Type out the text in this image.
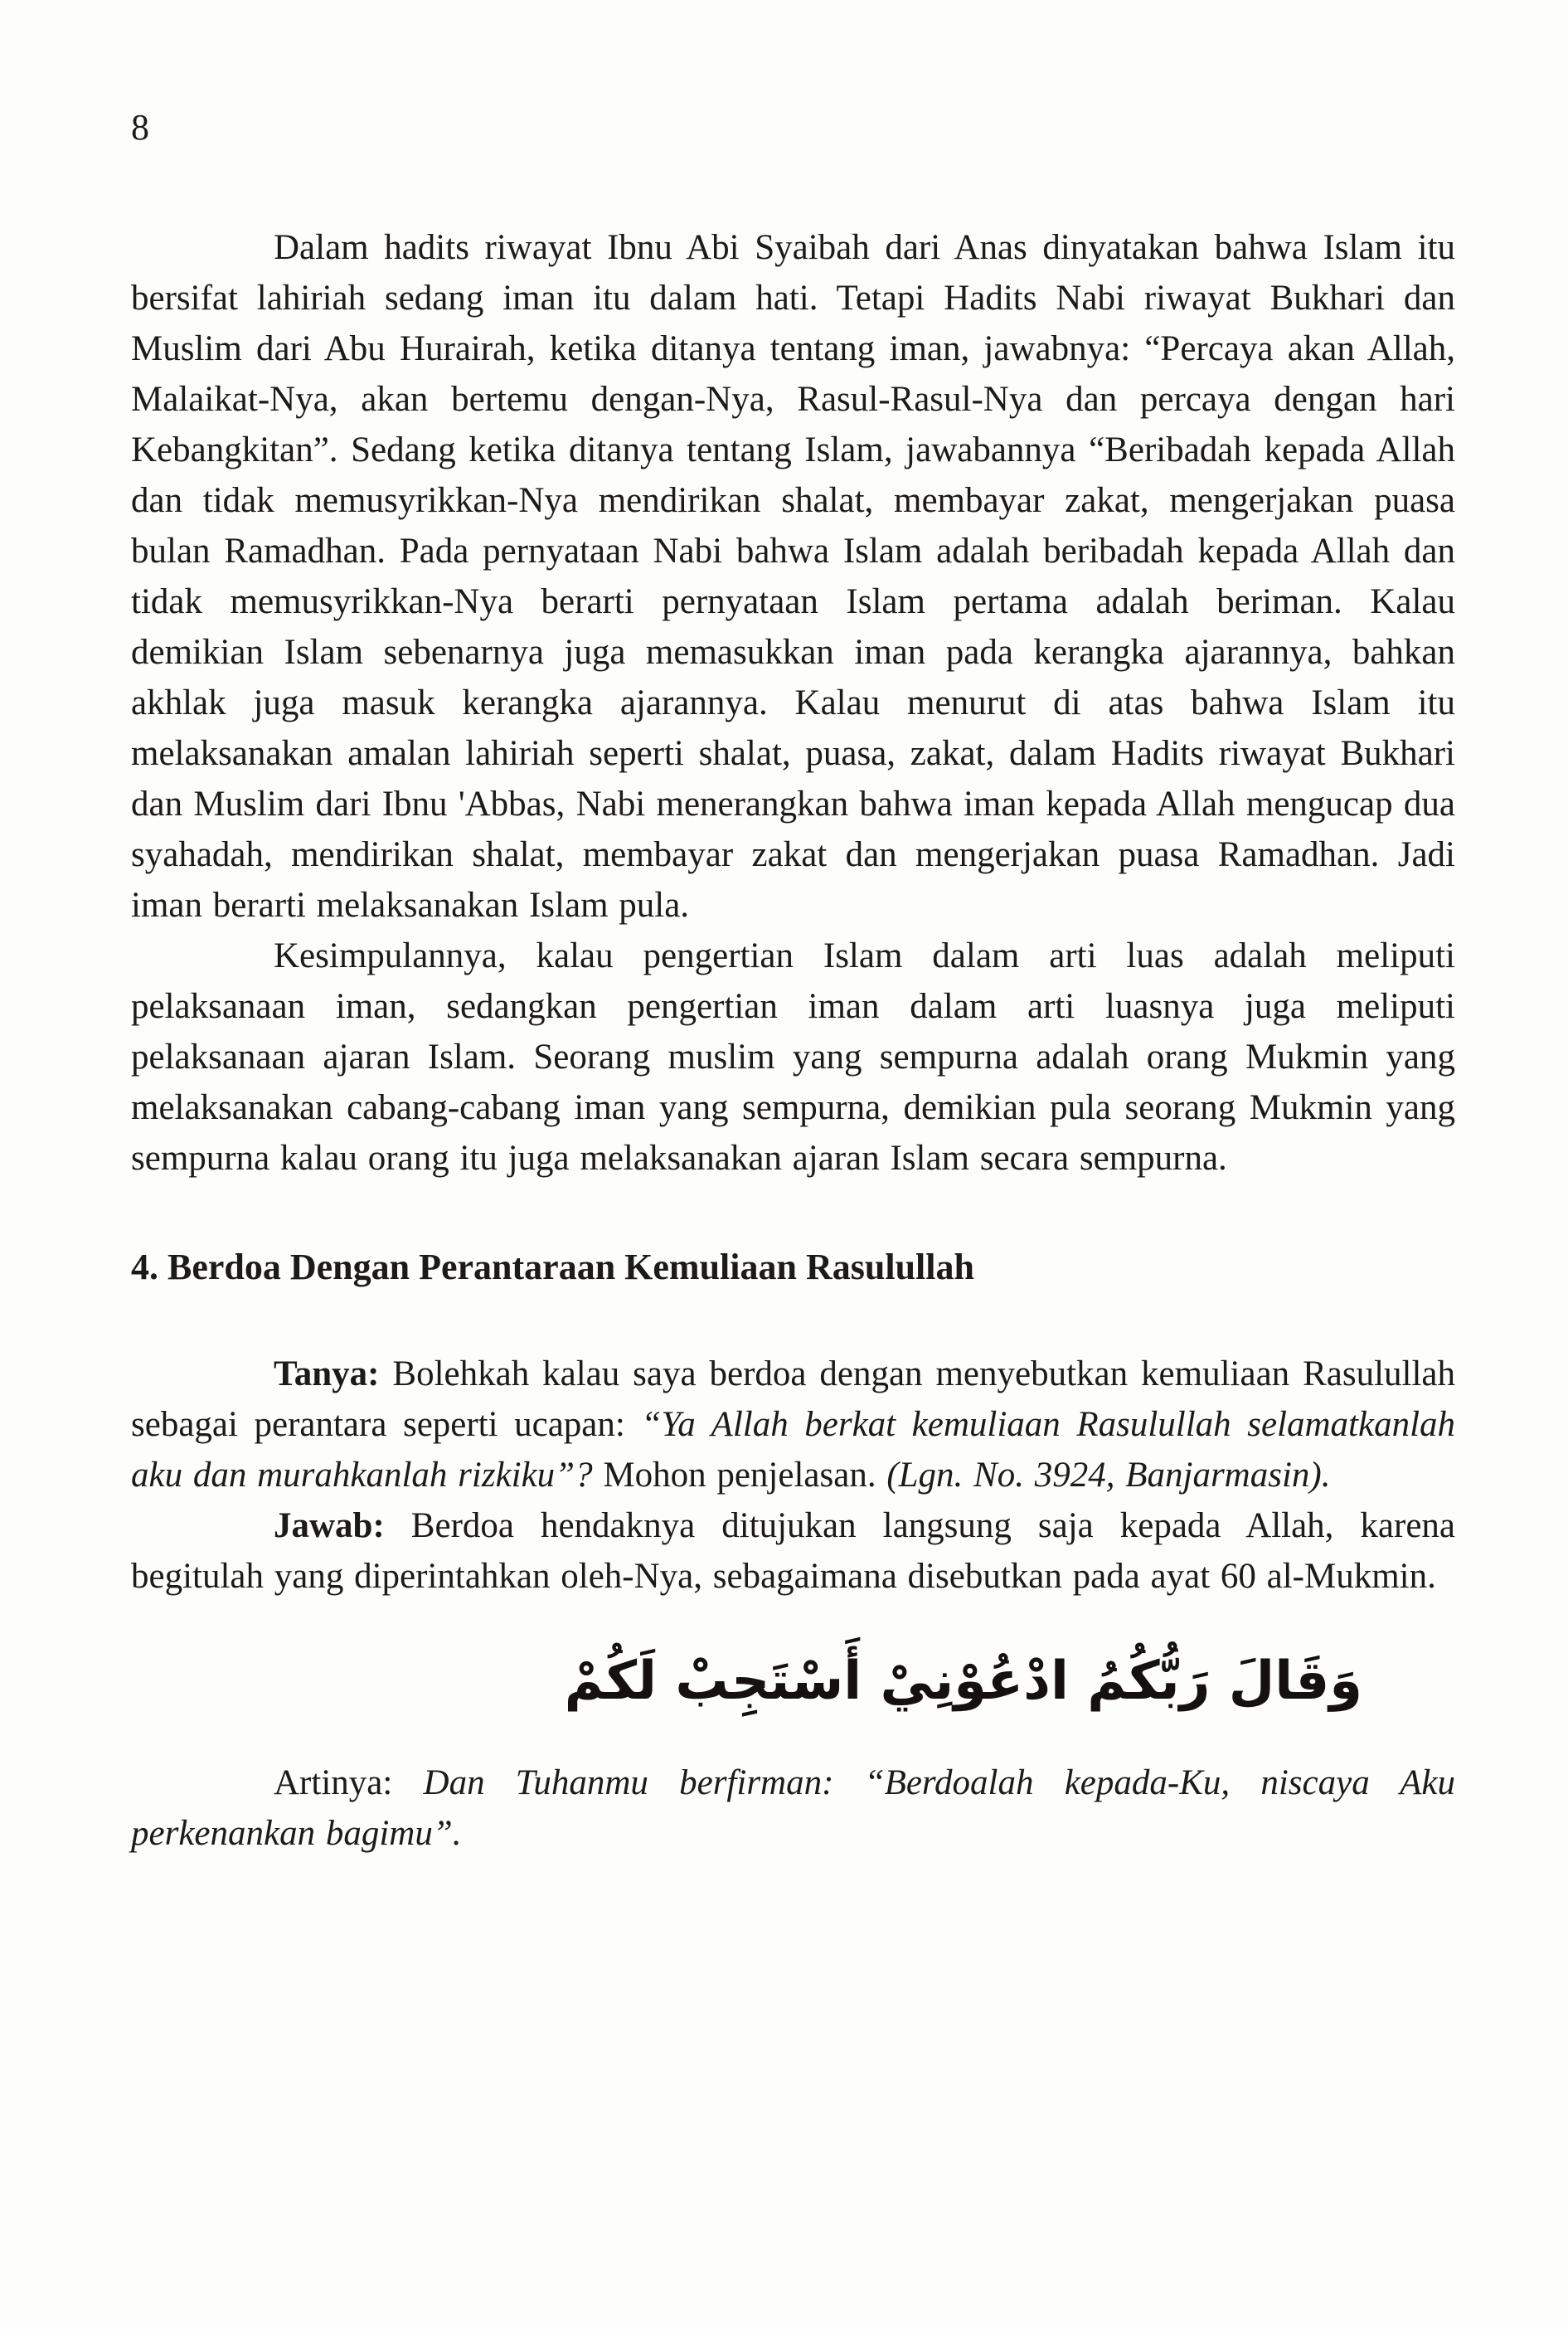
8

Dalam hadits riwayat Ibnu Abi Syaibah dari Anas dinyatakan bahwa Islam itu bersifat lahiriah sedang iman itu dalam hati. Tetapi Hadits Nabi riwayat Bukhari dan Muslim dari Abu Hurairah, ketika ditanya tentang iman, jawabnya: “Percaya akan Allah, Malaikat-Nya, akan bertemu dengan-Nya, Rasul-Rasul-Nya dan percaya dengan hari Kebangkitan”. Sedang ketika ditanya tentang Islam, jawabannya “Beribadah kepada Allah dan tidak memusyrikkan-Nya mendirikan shalat, membayar zakat, mengerjakan puasa bulan Ramadhan. Pada pernyataan Nabi bahwa Islam adalah beribadah kepada Allah dan tidak memusyrikkan-Nya berarti pernyataan Islam pertama adalah beriman. Kalau demikian Islam sebenarnya juga memasukkan iman pada kerangka ajarannya, bahkan akhlak juga masuk kerangka ajarannya. Kalau menurut di atas bahwa Islam itu melaksanakan amalan lahiriah seperti shalat, puasa, zakat, dalam Hadits riwayat Bukhari dan Muslim dari Ibnu 'Abbas, Nabi menerangkan bahwa iman kepada Allah mengucap dua syahadah, mendirikan shalat, membayar zakat dan mengerjakan puasa Ramadhan. Jadi iman berarti melaksanakan Islam pula.

Kesimpulannya, kalau pengertian Islam dalam arti luas adalah meliputi pelaksanaan iman, sedangkan pengertian iman dalam arti luasnya juga meliputi pelaksanaan ajaran Islam. Seorang muslim yang sempurna adalah orang Mukmin yang melaksanakan cabang-cabang iman yang sempurna, demikian pula seorang Mukmin yang sempurna kalau orang itu juga melaksanakan ajaran Islam secara sempurna.

4. Berdoa Dengan Perantaraan Kemuliaan Rasulullah

Tanya: Bolehkah kalau saya berdoa dengan menyebutkan kemuliaan Rasulullah sebagai perantara seperti ucapan: “Ya Allah berkat kemuliaan Rasulullah selamatkanlah aku dan murahkanlah rizkiku”? Mohon penjelasan. (Lgn. No. 3924, Banjarmasin).

Jawab: Berdoa hendaknya ditujukan langsung saja kepada Allah, karena begitulah yang diperintahkan oleh-Nya, sebagaimana disebutkan pada ayat 60 al-Mukmin.

وَقَالَ رَبُّكُمُ ادْعُوْنِيْ أَسْتَجِبْ لَكُمْ

Artinya: Dan Tuhanmu berfirman: “Berdoalah kepada-Ku, niscaya Aku perkenankan bagimu”.
